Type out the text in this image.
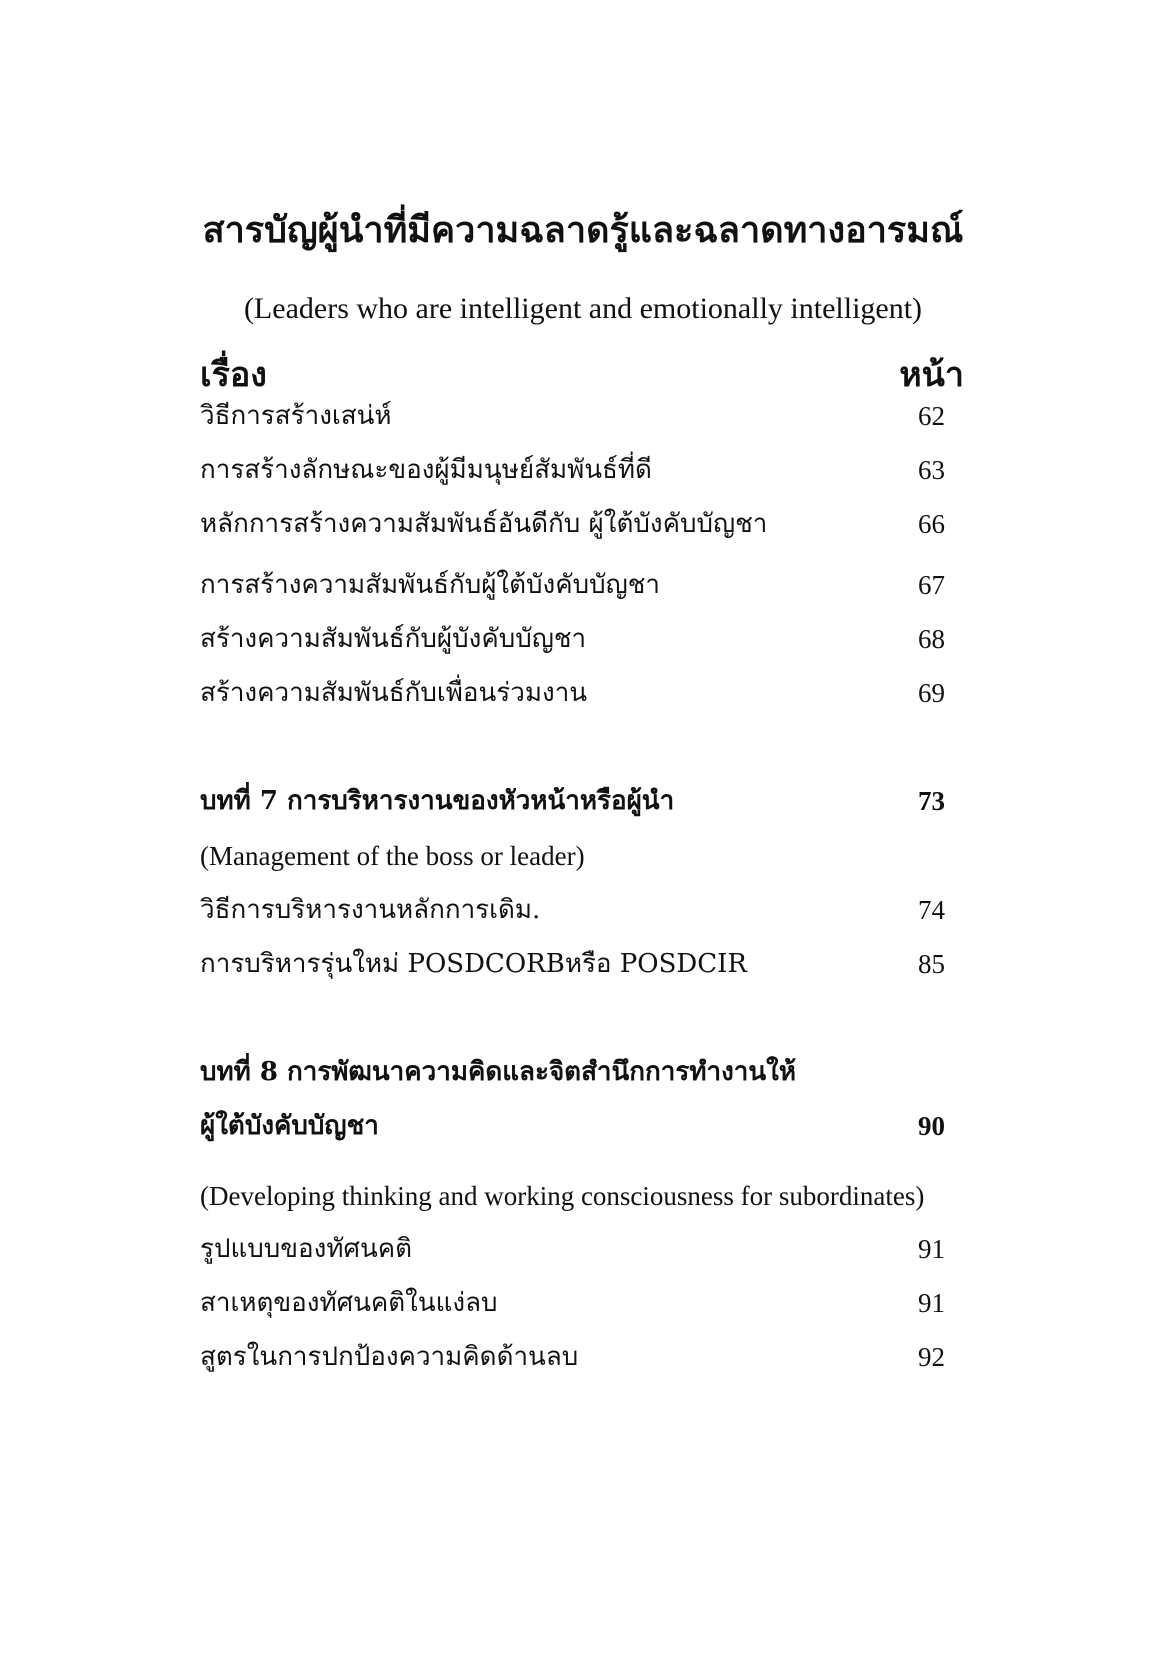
สารบัญผู้นำที่มีความฉลาดรู้และฉลาดทางอารมณ์
(Leaders who are intelligent and emotionally intelligent)
เรื่อง	หน้า
วิธีการสร้างเสน่ห์	62
การสร้างลักษณะของผู้มีมนุษย์สัมพันธ์ที่ดี	63
หลักการสร้างความสัมพันธ์อันดีกับ ผู้ใต้บังคับบัญชา	66
การสร้างความสัมพันธ์กับผู้ใต้บังคับบัญชา	67
สร้างความสัมพันธ์กับผู้บังคับบัญชา	68
สร้างความสัมพันธ์กับเพื่อนร่วมงาน	69
บทที่ 7 การบริหารงานของหัวหน้าหรือผู้นำ	73
(Management of the boss or leader)
วิธีการบริหารงานหลักการเดิม.	74
การบริหารรุ่นใหม่ POSDCORBหรือ POSDCIR	85
บทที่ 8 การพัฒนาความคิดและจิตสำนึกการทำงานให้
ผู้ใต้บังคับบัญชา	90
(Developing thinking and working consciousness for subordinates)
รูปแบบของทัศนคติ	91
สาเหตุของทัศนคติในแง่ลบ	91
สูตรในการปกป้องความคิดด้านลบ	92
